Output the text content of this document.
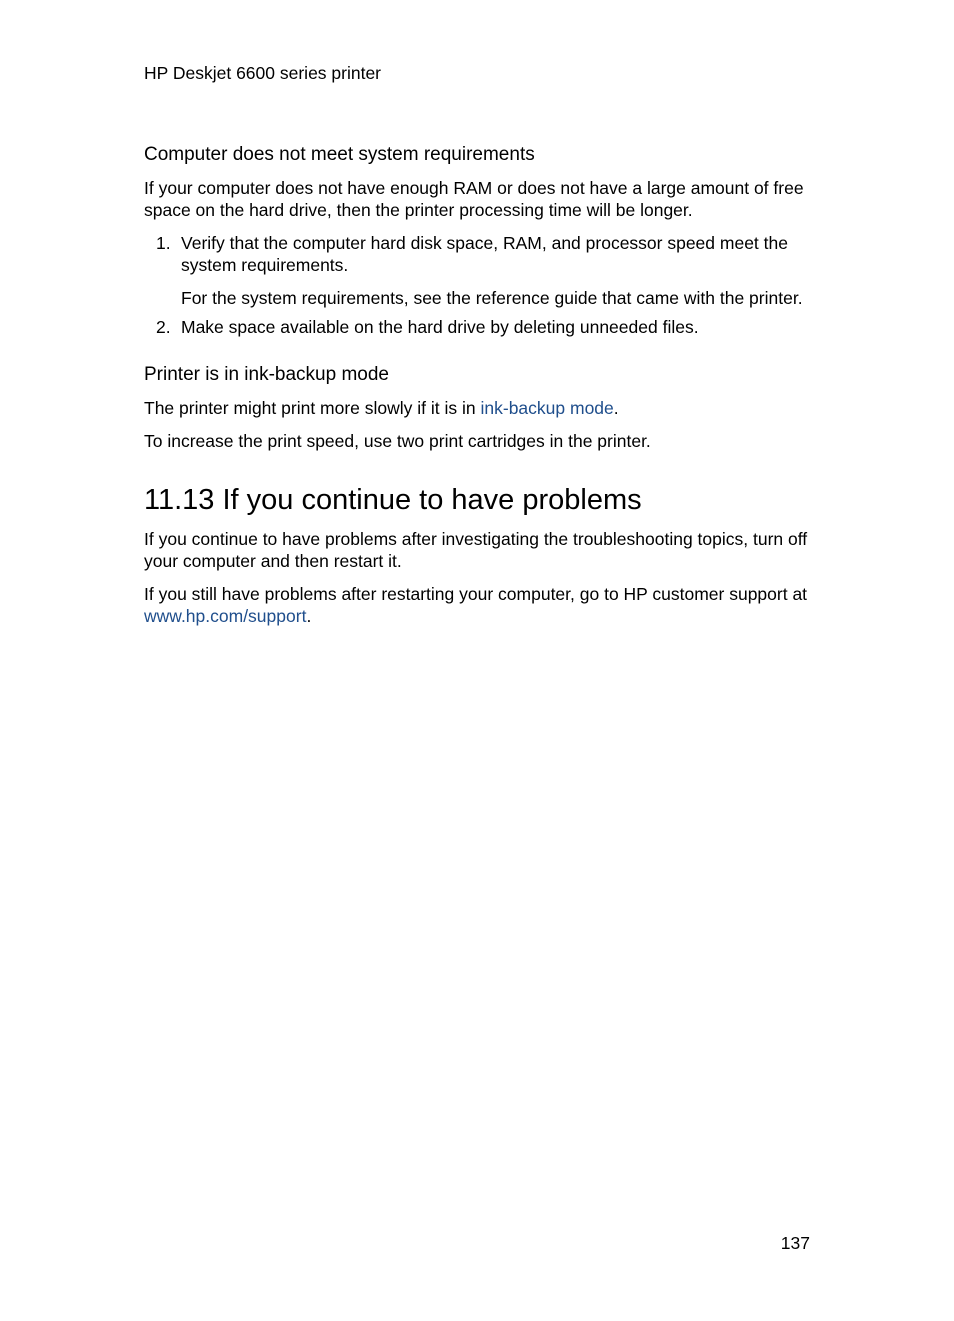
HP Deskjet 6600 series printer

Computer does not meet system requirements

If your computer does not have enough RAM or does not have a large amount of free space on the hard drive, then the printer processing time will be longer.

1. Verify that the computer hard disk space, RAM, and processor speed meet the system requirements.

For the system requirements, see the reference guide that came with the printer.

2. Make space available on the hard drive by deleting unneeded files.

Printer is in ink-backup mode

The printer might print more slowly if it is in ink-backup mode.

To increase the print speed, use two print cartridges in the printer.

11.13 If you continue to have problems

If you continue to have problems after investigating the troubleshooting topics, turn off your computer and then restart it.

If you still have problems after restarting your computer, go to HP customer support at www.hp.com/support.

137
